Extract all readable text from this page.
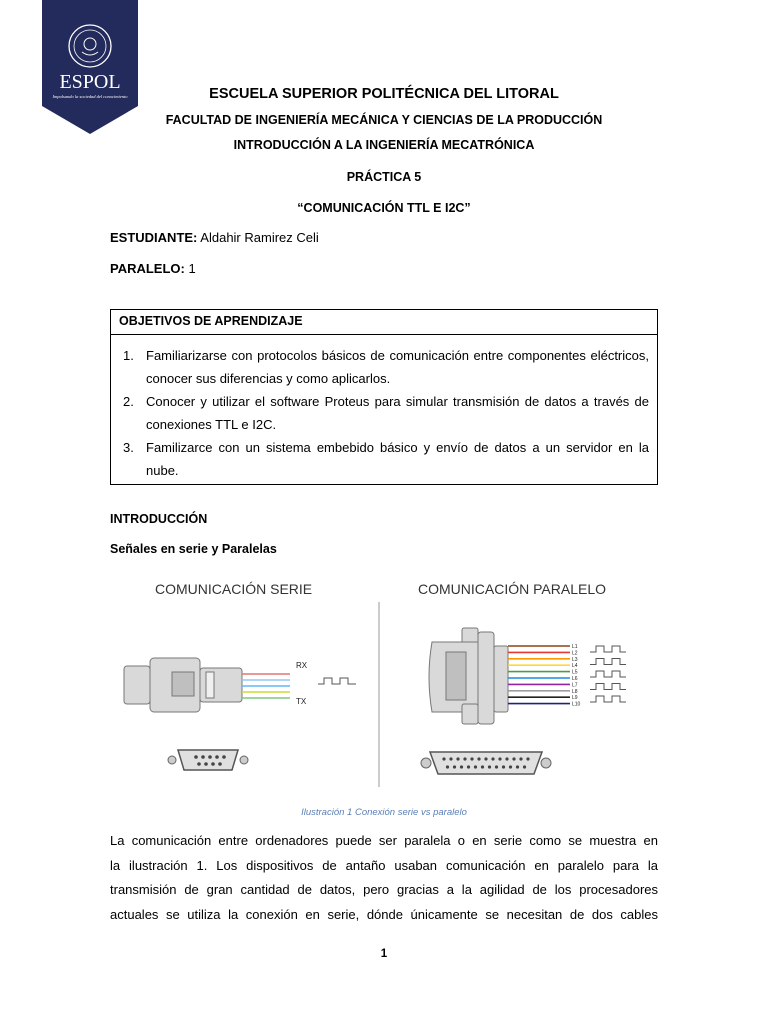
ESPOL
Impulsando la sociedad del conocimiento	ESCUELA SUPERIOR POLITÉCNICA DEL LITORAL
FACULTAD DE INGENIERÍA MECÁNICA Y CIENCIAS DE LA PRODUCCIÓN
INTRODUCCIÓN A LA INGENIERÍA MECATRÓNICA
PRÁCTICA 5
“COMUNICACIÓN TTL E I2C”
ESTUDIANTE: Aldahir Ramirez Celi
PARALELO: 1
OBJETIVOS DE APRENDIZAJE
1. Familiarizarse con protocolos básicos de comunicación entre componentes eléctricos, conocer sus diferencias y como aplicarlos.
2. Conocer y utilizar el software Proteus para simular transmisión de datos a través de conexiones TTL e I2C.
3. Familizarce con un sistema embebido básico y envío de datos a un servidor en la nube.
INTRODUCCIÓN
Señales en serie y Paralelas
COMUNICACIÓN SERIE	COMUNICACIÓN PARALELO
RX
TX
L1
L2
L3
L4
L5
L6
L7
L8
L9
L10
Ilustración 1 Conexión serie vs paralelo
La comunicación entre ordenadores puede ser paralela o en serie como se muestra en
la ilustración 1. Los dispositivos de antaño usaban comunicación en paralelo para la
transmisión de gran cantidad de datos, pero gracias a la agilidad de los procesadores
actuales se utiliza la conexión en serie, dónde únicamente se necesitan de dos cables
1
